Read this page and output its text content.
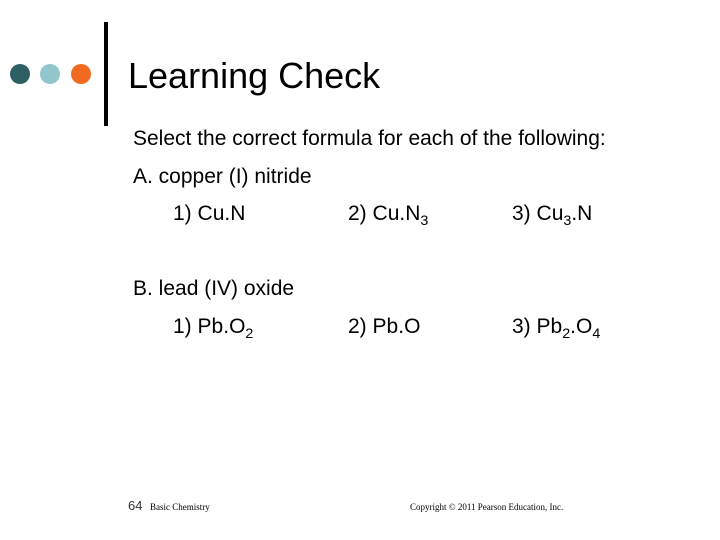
Learning Check
Select the correct formula for each of the following:
A. copper (I) nitride
1) Cu.N	2) $Cu.N_3$	3) $Cu_3.N$
B. lead (IV) oxide
1) $Pb.O_2$	2) Pb.O	3) $Pb_2.O_4$
64 Basic Chemistry	Copyright © 2011 Pearson Education, Inc.
